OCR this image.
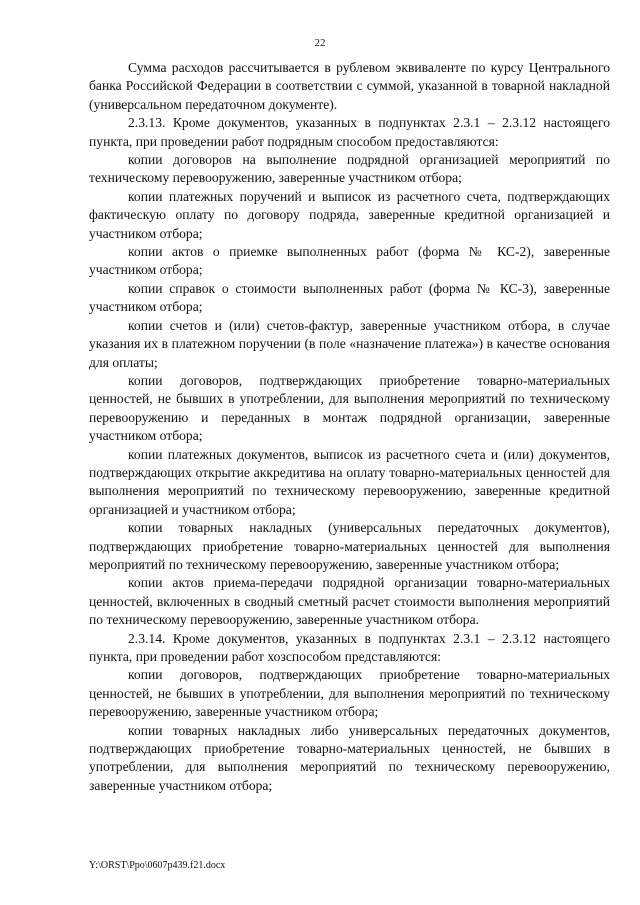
22

Сумма расходов рассчитывается в рублевом эквиваленте по курсу Центрального банка Российской Федерации в соответствии с суммой, указанной в товарной накладной (универсальном передаточном документе).

2.3.13. Кроме документов, указанных в подпунктах 2.3.1 – 2.3.12 настоящего пункта, при проведении работ подрядным способом предоставляются:

копии договоров на выполнение подрядной организацией мероприятий по техническому перевооружению, заверенные участником отбора;

копии платежных поручений и выписок из расчетного счета, подтверждающих фактическую оплату по договору подряда, заверенные кредитной организацией и участником отбора;

копии актов о приемке выполненных работ (форма № КС-2), заверенные участником отбора;

копии справок о стоимости выполненных работ (форма № КС-3), заверенные участником отбора;

копии счетов и (или) счетов-фактур, заверенные участником отбора, в случае указания их в платежном поручении (в поле «назначение платежа») в качестве основания для оплаты;

копии договоров, подтверждающих приобретение товарно-материальных ценностей, не бывших в употреблении, для выполнения мероприятий по техническому перевооружению и переданных в монтаж подрядной организации, заверенные участником отбора;

копии платежных документов, выписок из расчетного счета и (или) документов, подтверждающих открытие аккредитива на оплату товарно-материальных ценностей для выполнения мероприятий по техническому перевооружению, заверенные кредитной организацией и участником отбора;

копии товарных накладных (универсальных передаточных документов), подтверждающих приобретение товарно-материальных ценностей для выполнения мероприятий по техническому перевооружению, заверенные участником отбора;

копии актов приема-передачи подрядной организации товарно-материальных ценностей, включенных в сводный сметный расчет стоимости выполнения мероприятий по техническому перевооружению, заверенные участником отбора.

2.3.14. Кроме документов, указанных в подпунктах 2.3.1 – 2.3.12 настоящего пункта, при проведении работ хозспособом представляются:

копии договоров, подтверждающих приобретение товарно-материальных ценностей, не бывших в употреблении, для выполнения мероприятий по техническому перевооружению, заверенные участником отбора;

копии товарных накладных либо универсальных передаточных документов, подтверждающих приобретение товарно-материальных ценностей, не бывших в употреблении, для выполнения мероприятий по техническому перевооружению, заверенные участником отбора;

Y:\ORST\Ppo\0607p439.f21.docx
